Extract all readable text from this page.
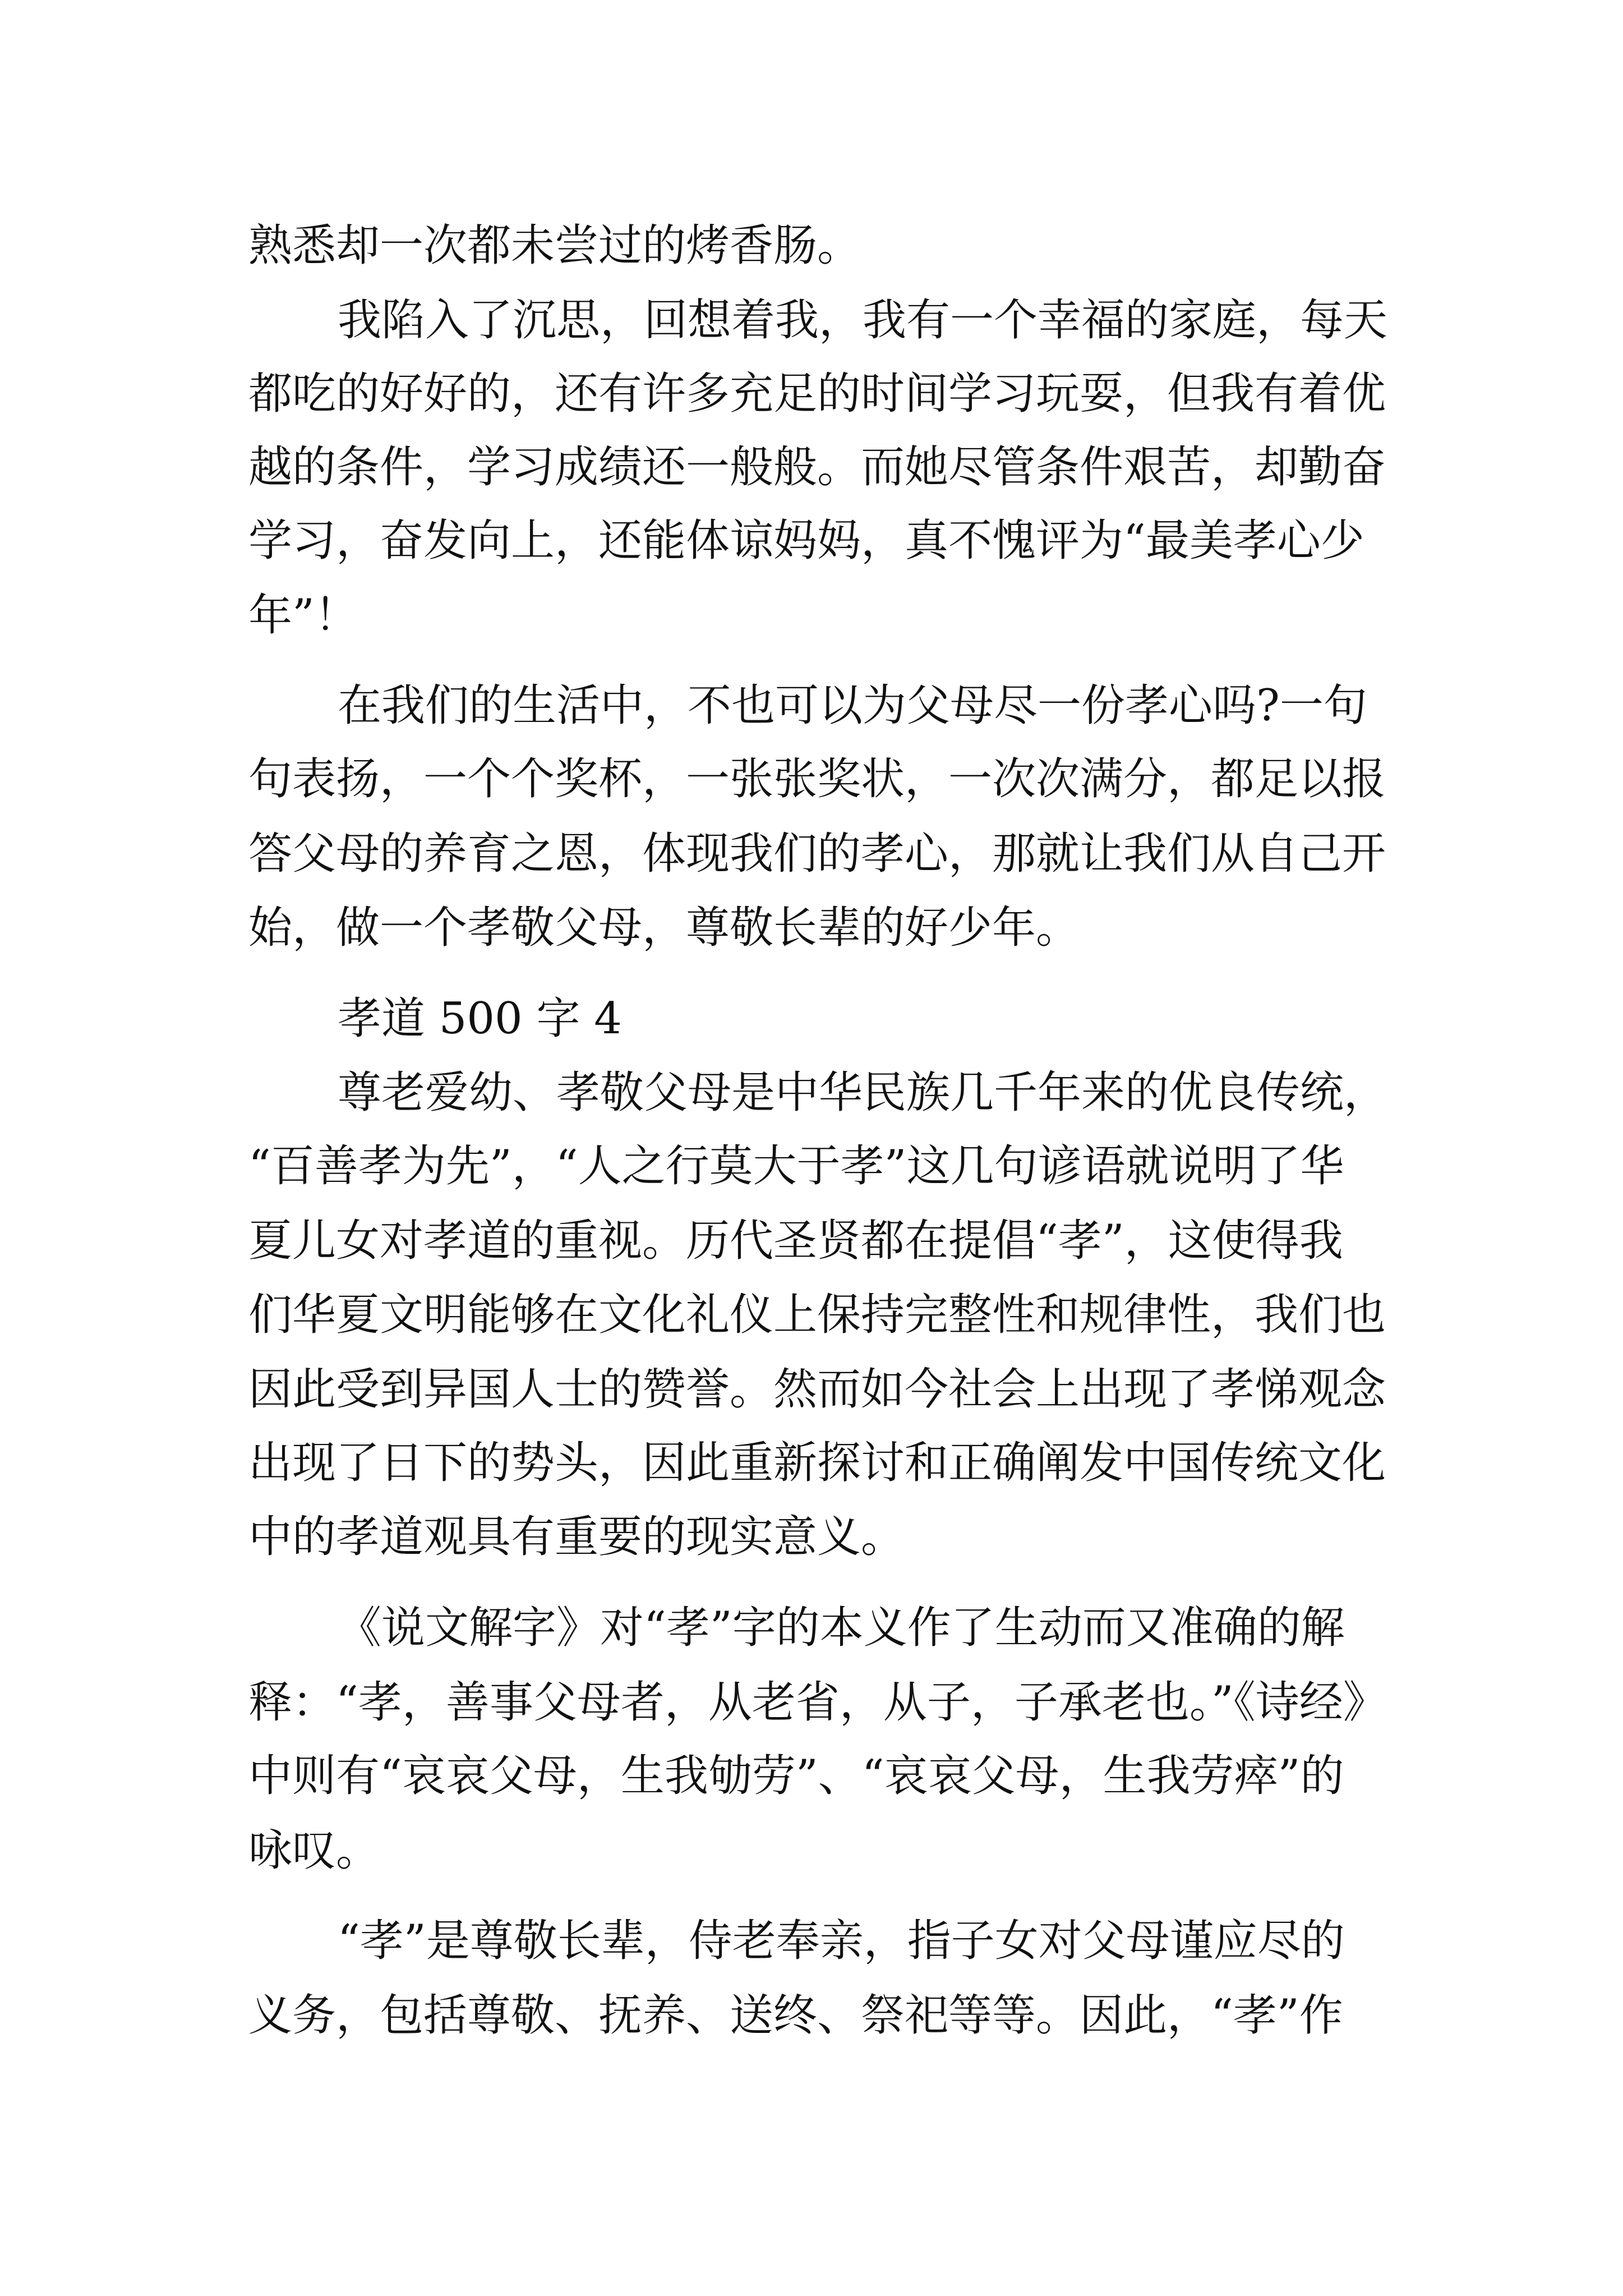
熟悉却一次都未尝过的烤香肠。
我陷入了沉思，回想着我，我有一个幸福的家庭，每天
都吃的好好的，还有许多充足的时间学习玩耍，但我有着优
越的条件，学习成绩还一般般。而她尽管条件艰苦，却勤奋
学习，奋发向上，还能体谅妈妈，真不愧评为“最美孝心少
年”！
在我们的生活中，不也可以为父母尽一份孝心吗?一句
句表扬，一个个奖杯，一张张奖状，一次次满分，都足以报
答父母的养育之恩，体现我们的孝心，那就让我们从自己开
始，做一个孝敬父母，尊敬长辈的好少年。
孝道 500 字 4
尊老爱幼、孝敬父母是中华民族几千年来的优良传统，
“百善孝为先”，“人之行莫大于孝”这几句谚语就说明了华
夏儿女对孝道的重视。历代圣贤都在提倡“孝”，这使得我
们华夏文明能够在文化礼仪上保持完整性和规律性，我们也
因此受到异国人士的赞誉。然而如今社会上出现了孝悌观念
出现了日下的势头，因此重新探讨和正确阐发中国传统文化
中的孝道观具有重要的现实意义。
《说文解字》对“孝”字的本义作了生动而又准确的解
释：“孝，善事父母者，从老省，从子，子承老也。”《诗经》
中则有“哀哀父母，生我劬劳”、“哀哀父母，生我劳瘁”的
咏叹。
“孝”是尊敬长辈，侍老奉亲，指子女对父母谨应尽的
义务，包括尊敬、抚养、送终、祭祀等等。因此，“孝”作
